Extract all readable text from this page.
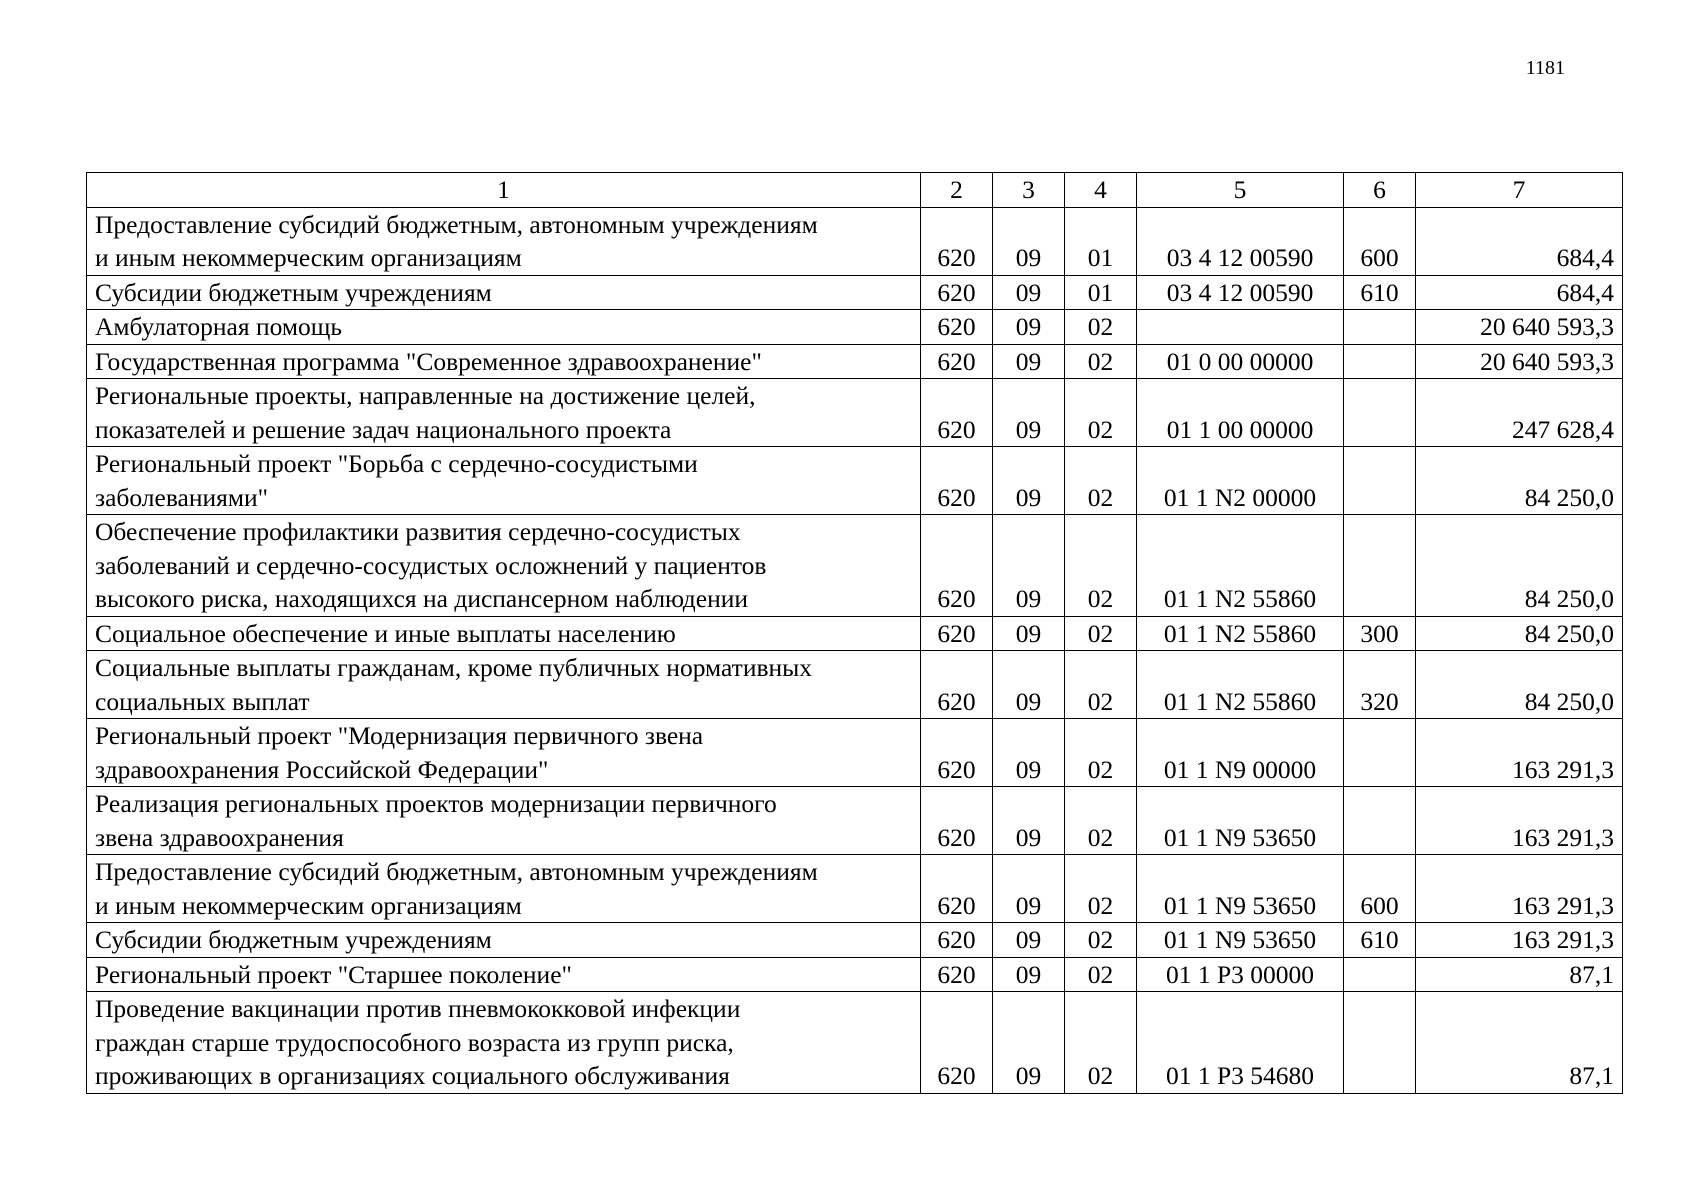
1181
1	2	3	4	5	6	7

Предоставление субсидий бюджетным, автономным учреждениям
и иным некоммерческим организациям	620	09	01	03 4 12 00590	600	684,4

Субсидии бюджетным учреждениям	620	09	01	03 4 12 00590	610	684,4

Амбулаторная помощь	620	09	02			20 640 593,3

Государственная программа "Современное здравоохранение"	620	09	02	01 0 00 00000		20 640 593,3

Региональные проекты, направленные на достижение целей,
показателей и решение задач национального проекта	620	09	02	01 1 00 00000		247 628,4

Региональный проект "Борьба с сердечно-сосудистыми
заболеваниями"	620	09	02	01 1 N2 00000		84 250,0

Обеспечение профилактики развития сердечно-сосудистых
заболеваний и сердечно-сосудистых осложнений у пациентов
высокого риска, находящихся на диспансерном наблюдении	620	09	02	01 1 N2 55860		84 250,0

Социальное обеспечение и иные выплаты населению	620	09	02	01 1 N2 55860	300	84 250,0

Социальные выплаты гражданам, кроме публичных нормативных
социальных выплат	620	09	02	01 1 N2 55860	320	84 250,0

Региональный проект "Модернизация первичного звена
здравоохранения Российской Федерации"	620	09	02	01 1 N9 00000		163 291,3

Реализация региональных проектов модернизации первичного
звена здравоохранения	620	09	02	01 1 N9 53650		163 291,3

Предоставление субсидий бюджетным, автономным учреждениям
и иным некоммерческим организациям	620	09	02	01 1 N9 53650	600	163 291,3

Субсидии бюджетным учреждениям	620	09	02	01 1 N9 53650	610	163 291,3

Региональный проект "Старшее поколение"	620	09	02	01 1 P3 00000		87,1

Проведение вакцинации против пневмококковой инфекции
граждан старше трудоспособного возраста из групп риска,
проживающих в организациях социального обслуживания	620	09	02	01 1 P3 54680		87,1
